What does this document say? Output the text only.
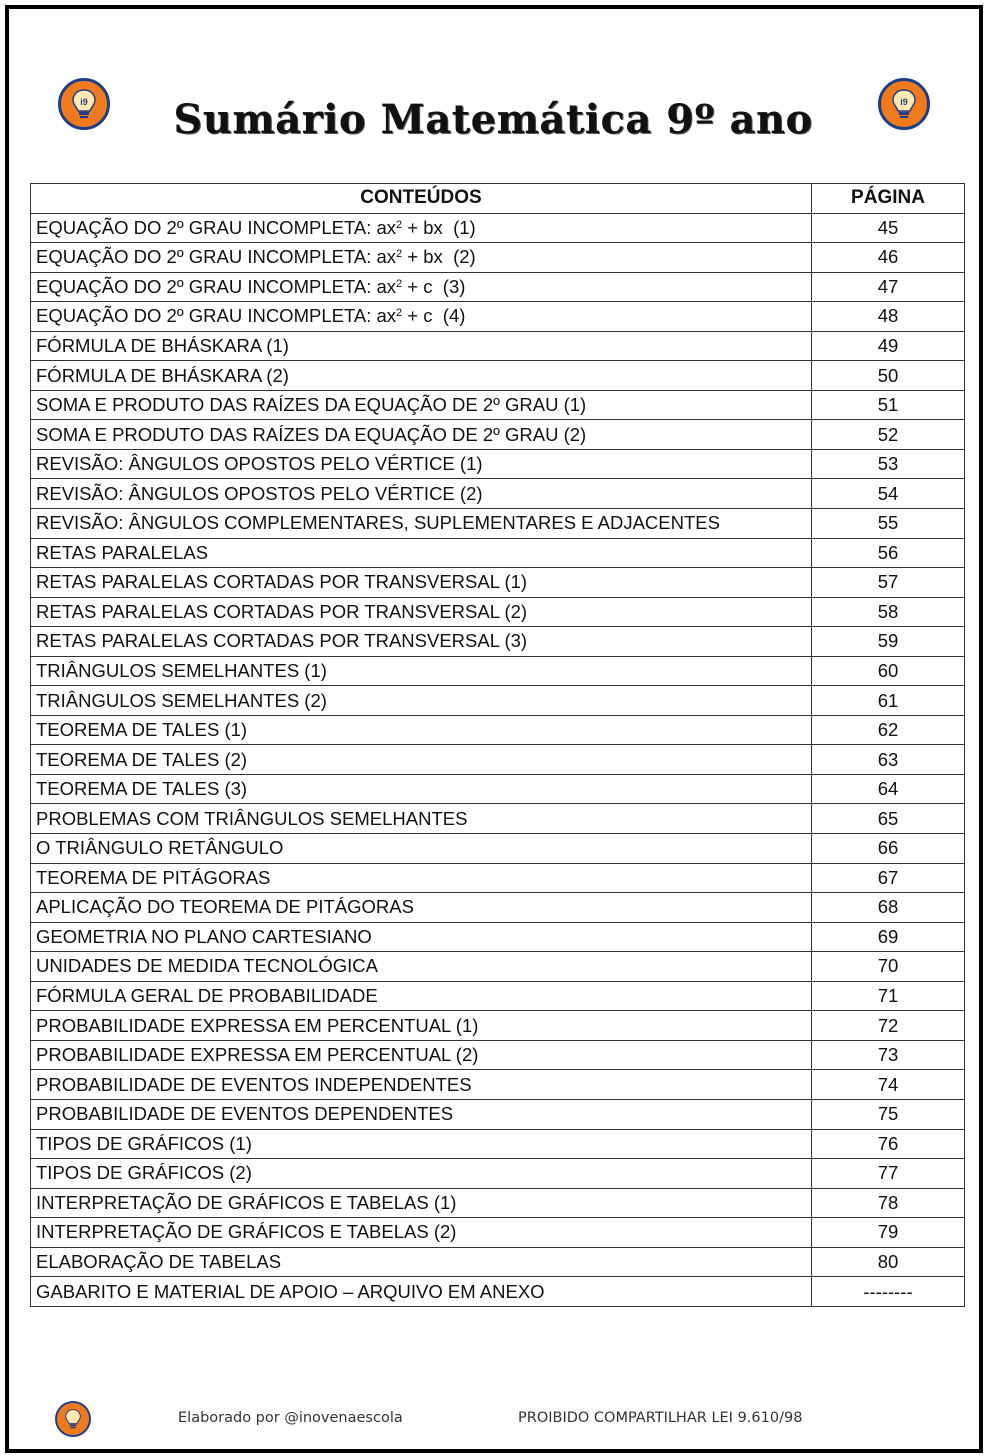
i9	i9
Sumário Matemática 9º ano
CONTEÚDOS	PÁGINA
EQUAÇÃO DO 2º GRAU INCOMPLETA: $ax^2$ + bx  (1)	45
EQUAÇÃO DO 2º GRAU INCOMPLETA: $ax^2$ + bx  (2)	46
EQUAÇÃO DO 2º GRAU INCOMPLETA: $ax^2 + c$  (3)	47
EQUAÇÃO DO 2º GRAU INCOMPLETA: $ax^2 + c$  (4)	48
FÓRMULA DE BHÁSKARA (1)	49
FÓRMULA DE BHÁSKARA (2)	50
SOMA E PRODUTO DAS RAÍZES DA EQUAÇÃO DE 2º GRAU (1)	51
SOMA E PRODUTO DAS RAÍZES DA EQUAÇÃO DE 2º GRAU (2)	52
REVISÃO: ÂNGULOS OPOSTOS PELO VÉRTICE (1)	53
REVISÃO: ÂNGULOS OPOSTOS PELO VÉRTICE (2)	54
REVISÃO: ÂNGULOS COMPLEMENTARES, SUPLEMENTARES E ADJACENTES	55
RETAS PARALELAS	56
RETAS PARALELAS CORTADAS POR TRANSVERSAL (1)	57
RETAS PARALELAS CORTADAS POR TRANSVERSAL (2)	58
RETAS PARALELAS CORTADAS POR TRANSVERSAL (3)	59
TRIÂNGULOS SEMELHANTES (1)	60
TRIÂNGULOS SEMELHANTES (2)	61
TEOREMA DE TALES (1)	62
TEOREMA DE TALES (2)	63
TEOREMA DE TALES (3)	64
PROBLEMAS COM TRIÂNGULOS SEMELHANTES	65
O TRIÂNGULO RETÂNGULO	66
TEOREMA DE PITÁGORAS	67
APLICAÇÃO DO TEOREMA DE PITÁGORAS	68
GEOMETRIA NO PLANO CARTESIANO	69
UNIDADES DE MEDIDA TECNOLÓGICA	70
FÓRMULA GERAL DE PROBABILIDADE	71
PROBABILIDADE EXPRESSA EM PERCENTUAL (1)	72
PROBABILIDADE EXPRESSA EM PERCENTUAL (2)	73
PROBABILIDADE DE EVENTOS INDEPENDENTES	74
PROBABILIDADE DE EVENTOS DEPENDENTES	75
TIPOS DE GRÁFICOS (1)	76
TIPOS DE GRÁFICOS (2)	77
INTERPRETAÇÃO DE GRÁFICOS E TABELAS (1)	78
INTERPRETAÇÃO DE GRÁFICOS E TABELAS (2)	79
ELABORAÇÃO DE TABELAS	80
GABARITO E MATERIAL DE APOIO – ARQUIVO EM ANEXO	--------
Elaborado por @inovenaescola	PROIBIDO COMPARTILHAR LEI 9.610/98
